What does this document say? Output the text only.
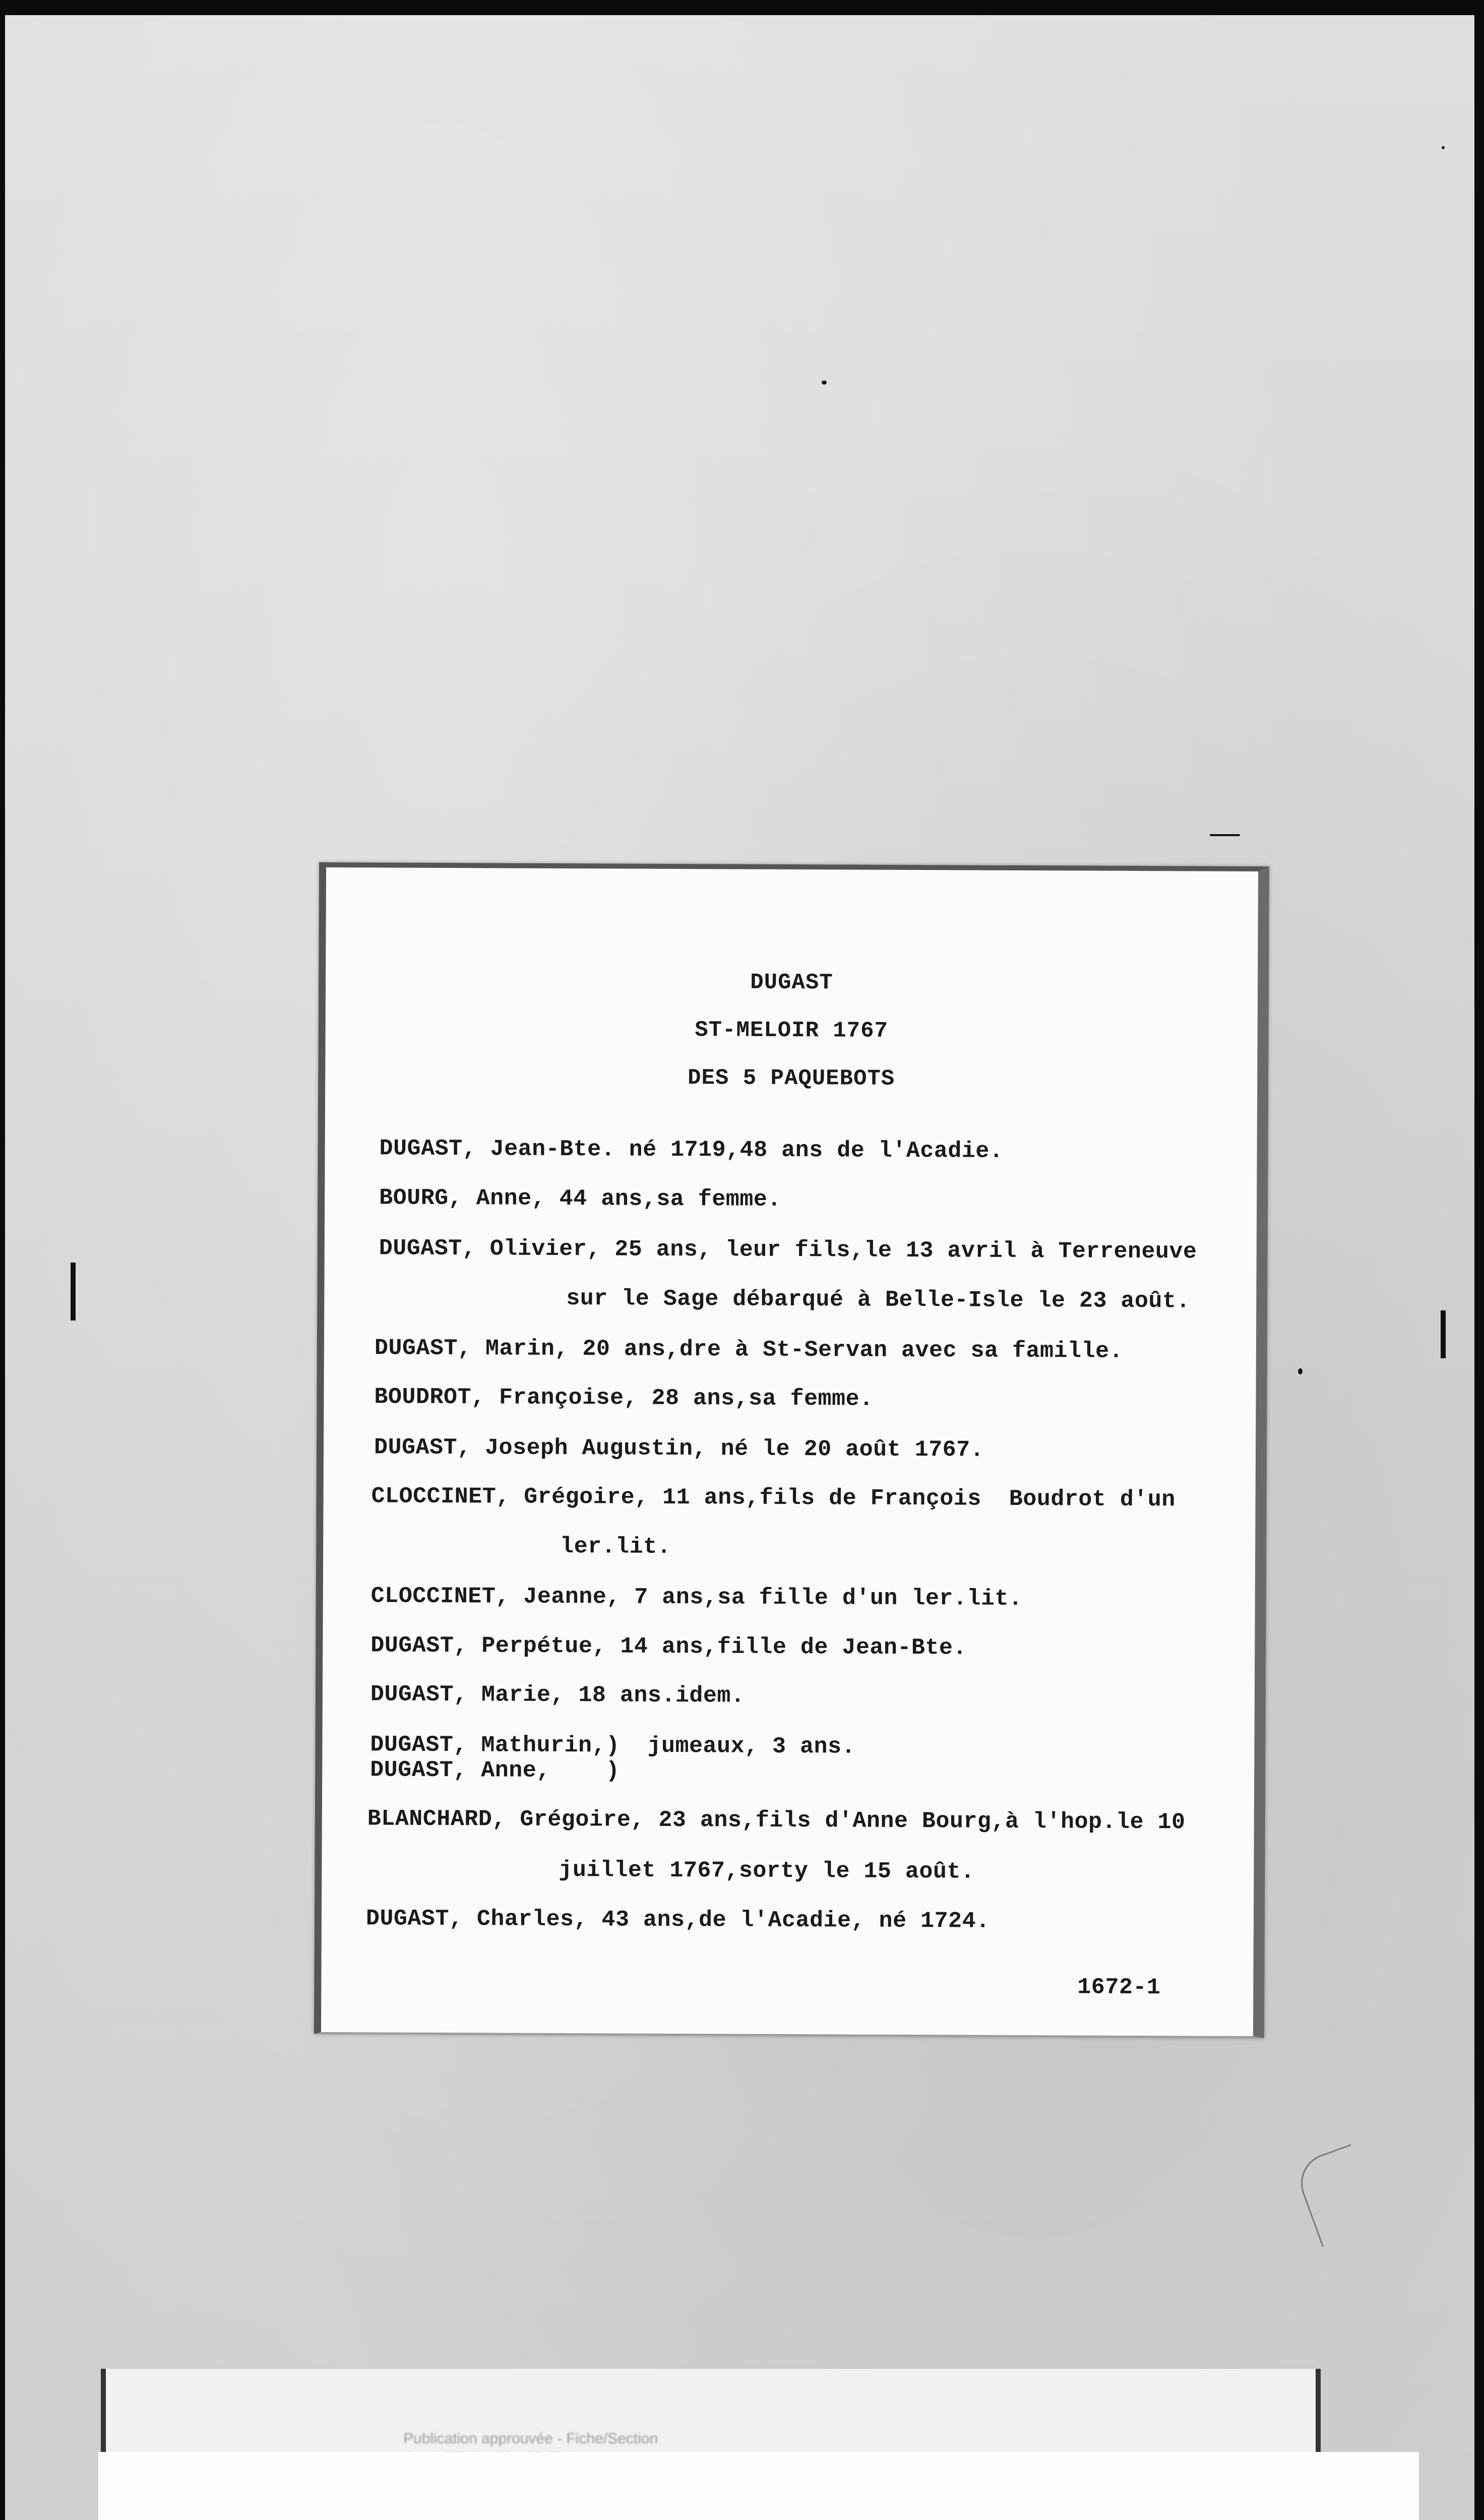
DUGAST
ST-MELOIR 1767
DES 5 PAQUEBOTS
DUGAST, Jean-Bte. né 1719,48 ans de l'Acadie.
BOURG, Anne, 44 ans,sa femme.
DUGAST, Olivier, 25 ans, leur fils,le 13 avril à Terreneuve
sur le Sage débarqué à Belle-Isle le 23 août.
DUGAST, Marin, 20 ans,dre à St-Servan avec sa famille.
BOUDROT, Françoise, 28 ans,sa femme.
DUGAST, Joseph Augustin, né le 20 août 1767.
CLOCCINET, Grégoire, 11 ans,fils de François  Boudrot d'un
ler.lit.
CLOCCINET, Jeanne, 7 ans,sa fille d'un ler.lit.
DUGAST, Perpétue, 14 ans,fille de Jean-Bte.
DUGAST, Marie, 18 ans.idem.
DUGAST, Mathurin,)  jumeaux, 3 ans.
DUGAST, Anne,    )
BLANCHARD, Grégoire, 23 ans,fils d'Anne Bourg,à l'hop.le 10
juillet 1767,sorty le 15 août.
DUGAST, Charles, 43 ans,de l'Acadie, né 1724.
1672-1
Publication approuvée - Fiche/Section
